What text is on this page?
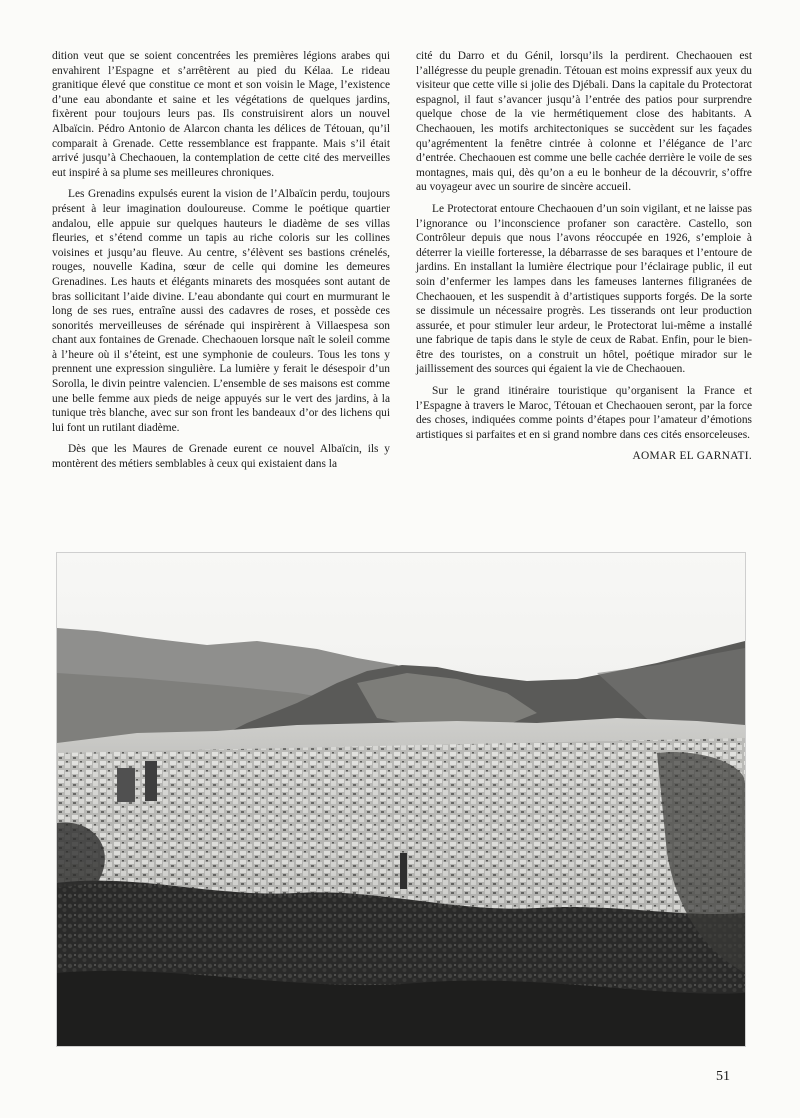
dition veut que se soient concentrées les premières légions arabes qui envahirent l’Espagne et s’arrêtèrent au pied du Kélaa. Le rideau granitique élevé que constitue ce mont et son voisin le Mage, l’existence d’une eau abondante et saine et les végétations de quelques jardins, fixèrent pour toujours leurs pas. Ils construisirent alors un nouvel Albaïcin. Pédro Antonio de Alarcon chanta les délices de Tétouan, qu’il comparait à Grenade. Cette ressemblance est frappante. Mais s’il était arrivé jusqu’à Chechaouen, la contemplation de cette cité des merveilles eut inspiré à sa plume ses meilleures chroniques.

Les Grenadins expulsés eurent la vision de l’Albaïcin perdu, toujours présent à leur imagination douloureuse. Comme le poétique quartier andalou, elle appuie sur quelques hauteurs le diadème de ses villas fleuries, et s’étend comme un tapis au riche coloris sur les collines voisines et jusqu’au fleuve. Au centre, s’élèvent ses bastions crénelés, rouges, nouvelle Kadina, sœur de celle qui domine les demeures Grenadines. Les hauts et élégants minarets des mosquées sont autant de bras sollicitant l’aide divine. L’eau abondante qui court en murmurant le long de ses rues, entraîne aussi des cadavres de roses, et possède ces sonorités merveilleuses de sérénade qui inspirèrent à Villaespesa son chant aux fontaines de Grenade. Chechaouen lorsque naît le soleil comme à l’heure où il s’éteint, est une symphonie de couleurs. Tous les tons y prennent une expression singulière. La lumière y ferait le désespoir d’un Sorolla, le divin peintre valencien. L’ensemble de ses maisons est comme une belle femme aux pieds de neige appuyés sur le vert des jardins, à la tunique très blanche, avec sur son front les bandeaux d’or des lichens qui lui font un rutilant diadème.

Dès que les Maures de Grenade eurent ce nouvel Albaïcin, ils y montèrent des métiers semblables à ceux qui existaient dans la

cité du Darro et du Génil, lorsqu’ils la perdirent. Chechaouen est l’allégresse du peuple grenadin. Tétouan est moins expressif aux yeux du visiteur que cette ville si jolie des Djébali. Dans la capitale du Protectorat espagnol, il faut s’avancer jusqu’à l’entrée des patios pour surprendre quelque chose de la vie hermétiquement close des habitants. A Chechaouen, les motifs architectoniques se succèdent sur les façades qu’agrémentent la fenêtre cintrée à colonne et l’élégance de l’arc d’entrée. Chechaouen est comme une belle cachée derrière le voile de ses montagnes, mais qui, dès qu’on a eu le bonheur de la découvrir, s’offre au voyageur avec un sourire de sincère accueil.

Le Protectorat entoure Chechaouen d’un soin vigilant, et ne laisse pas l’ignorance ou l’inconscience profaner son caractère. Castello, son Contrôleur depuis que nous l’avons réoccupée en 1926, s’emploie à déterrer la vieille forteresse, la débarrasse de ses baraques et l’entoure de jardins. En installant la lumière électrique pour l’éclairage public, il eut soin d’enfermer les lampes dans les fameuses lanternes filigranées de Chechaouen, et les suspendit à d’artistiques supports forgés. De la sorte se dissimule un nécessaire progrès. Les tisserands ont leur production assurée, et pour stimuler leur ardeur, le Protectorat lui-même a installé une fabrique de tapis dans le style de ceux de Rabat. Enfin, pour le bien-être des touristes, on a construit un hôtel, poétique mirador sur le jaillissement des sources qui égaient la vie de Chechaouen.

Sur le grand itinéraire touristique qu’organisent la France et l’Espagne à travers le Maroc, Tétouan et Chechaouen seront, par la force des choses, indiquées comme points d’étapes pour l’amateur d’émotions artistiques si parfaites et en si grand nombre dans ces cités ensorceleuses.

AOMAR EL GARNATI.
51
